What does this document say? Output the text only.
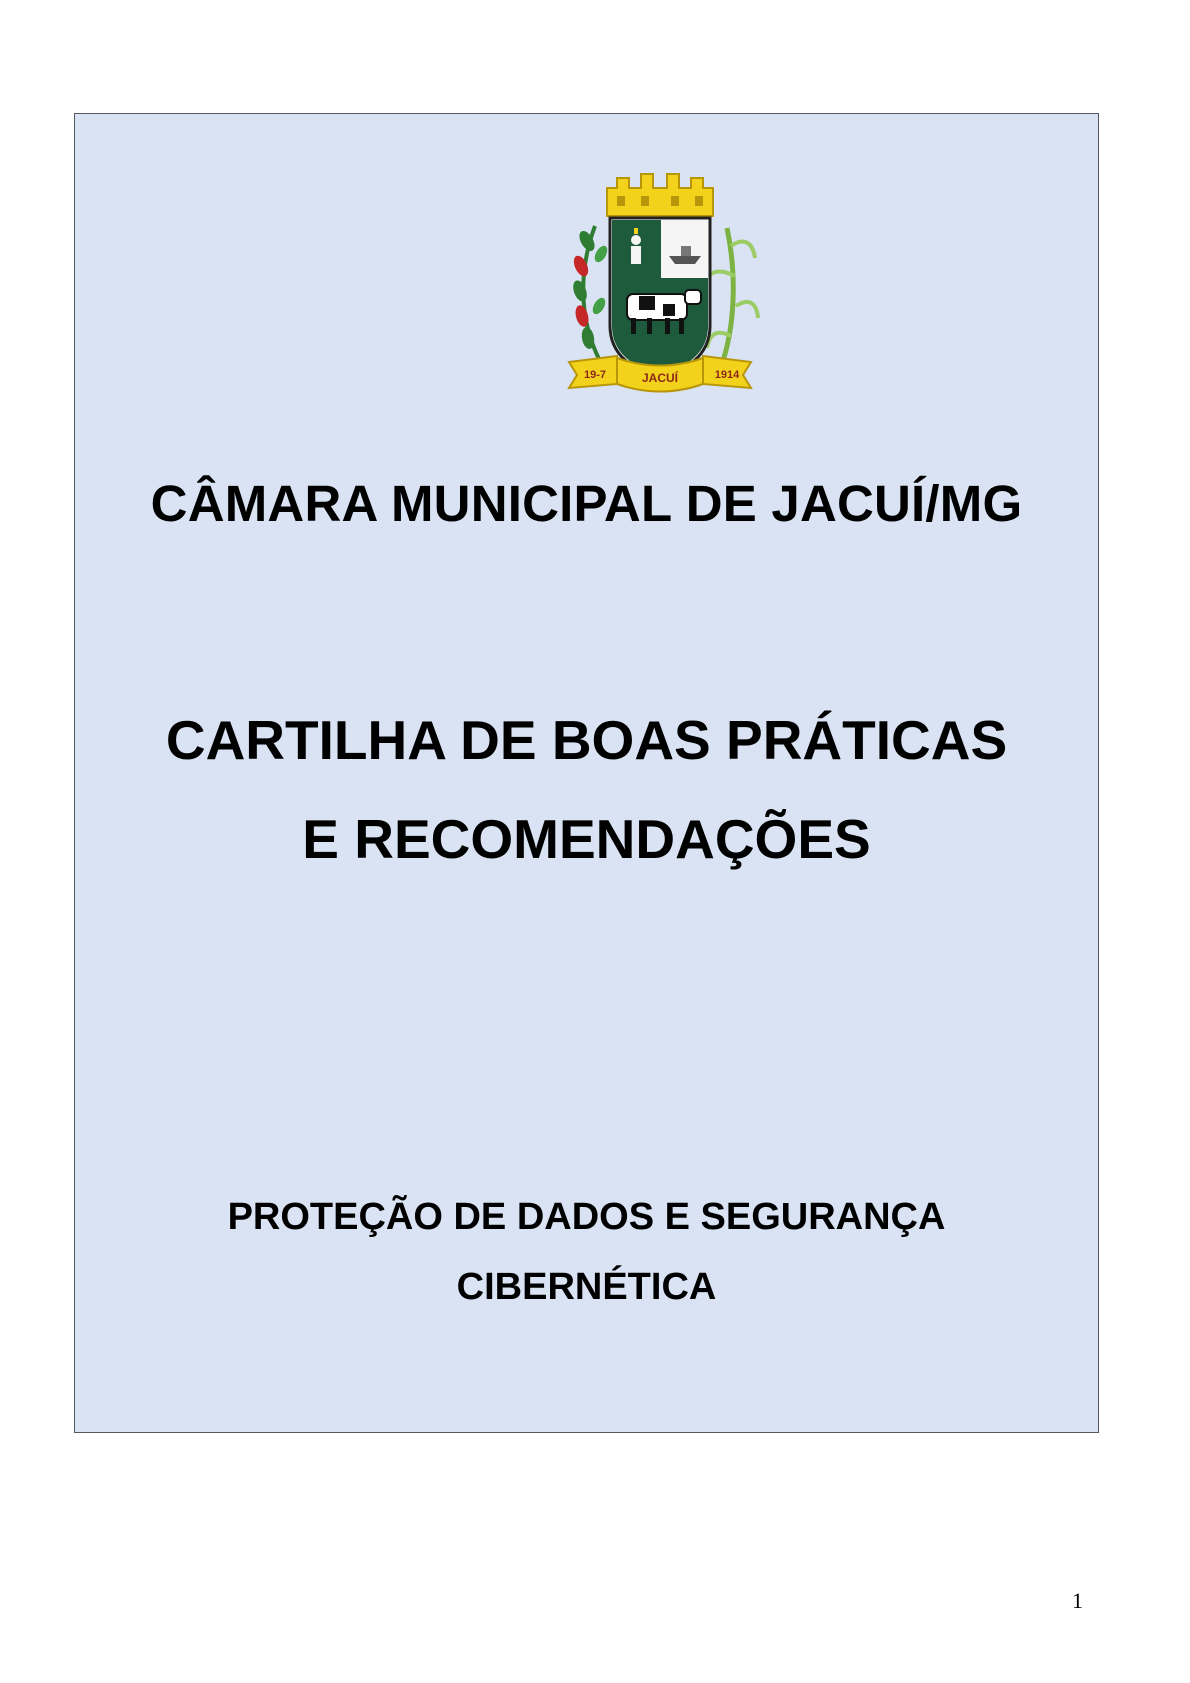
19-7	JACUÍ	1914
CÂMARA MUNICIPAL DE JACUÍ/MG
CARTILHA DE BOAS PRÁTICAS
E RECOMENDAÇÕES
PROTEÇÃO DE DADOS E SEGURANÇA
CIBERNÉTICA
1
